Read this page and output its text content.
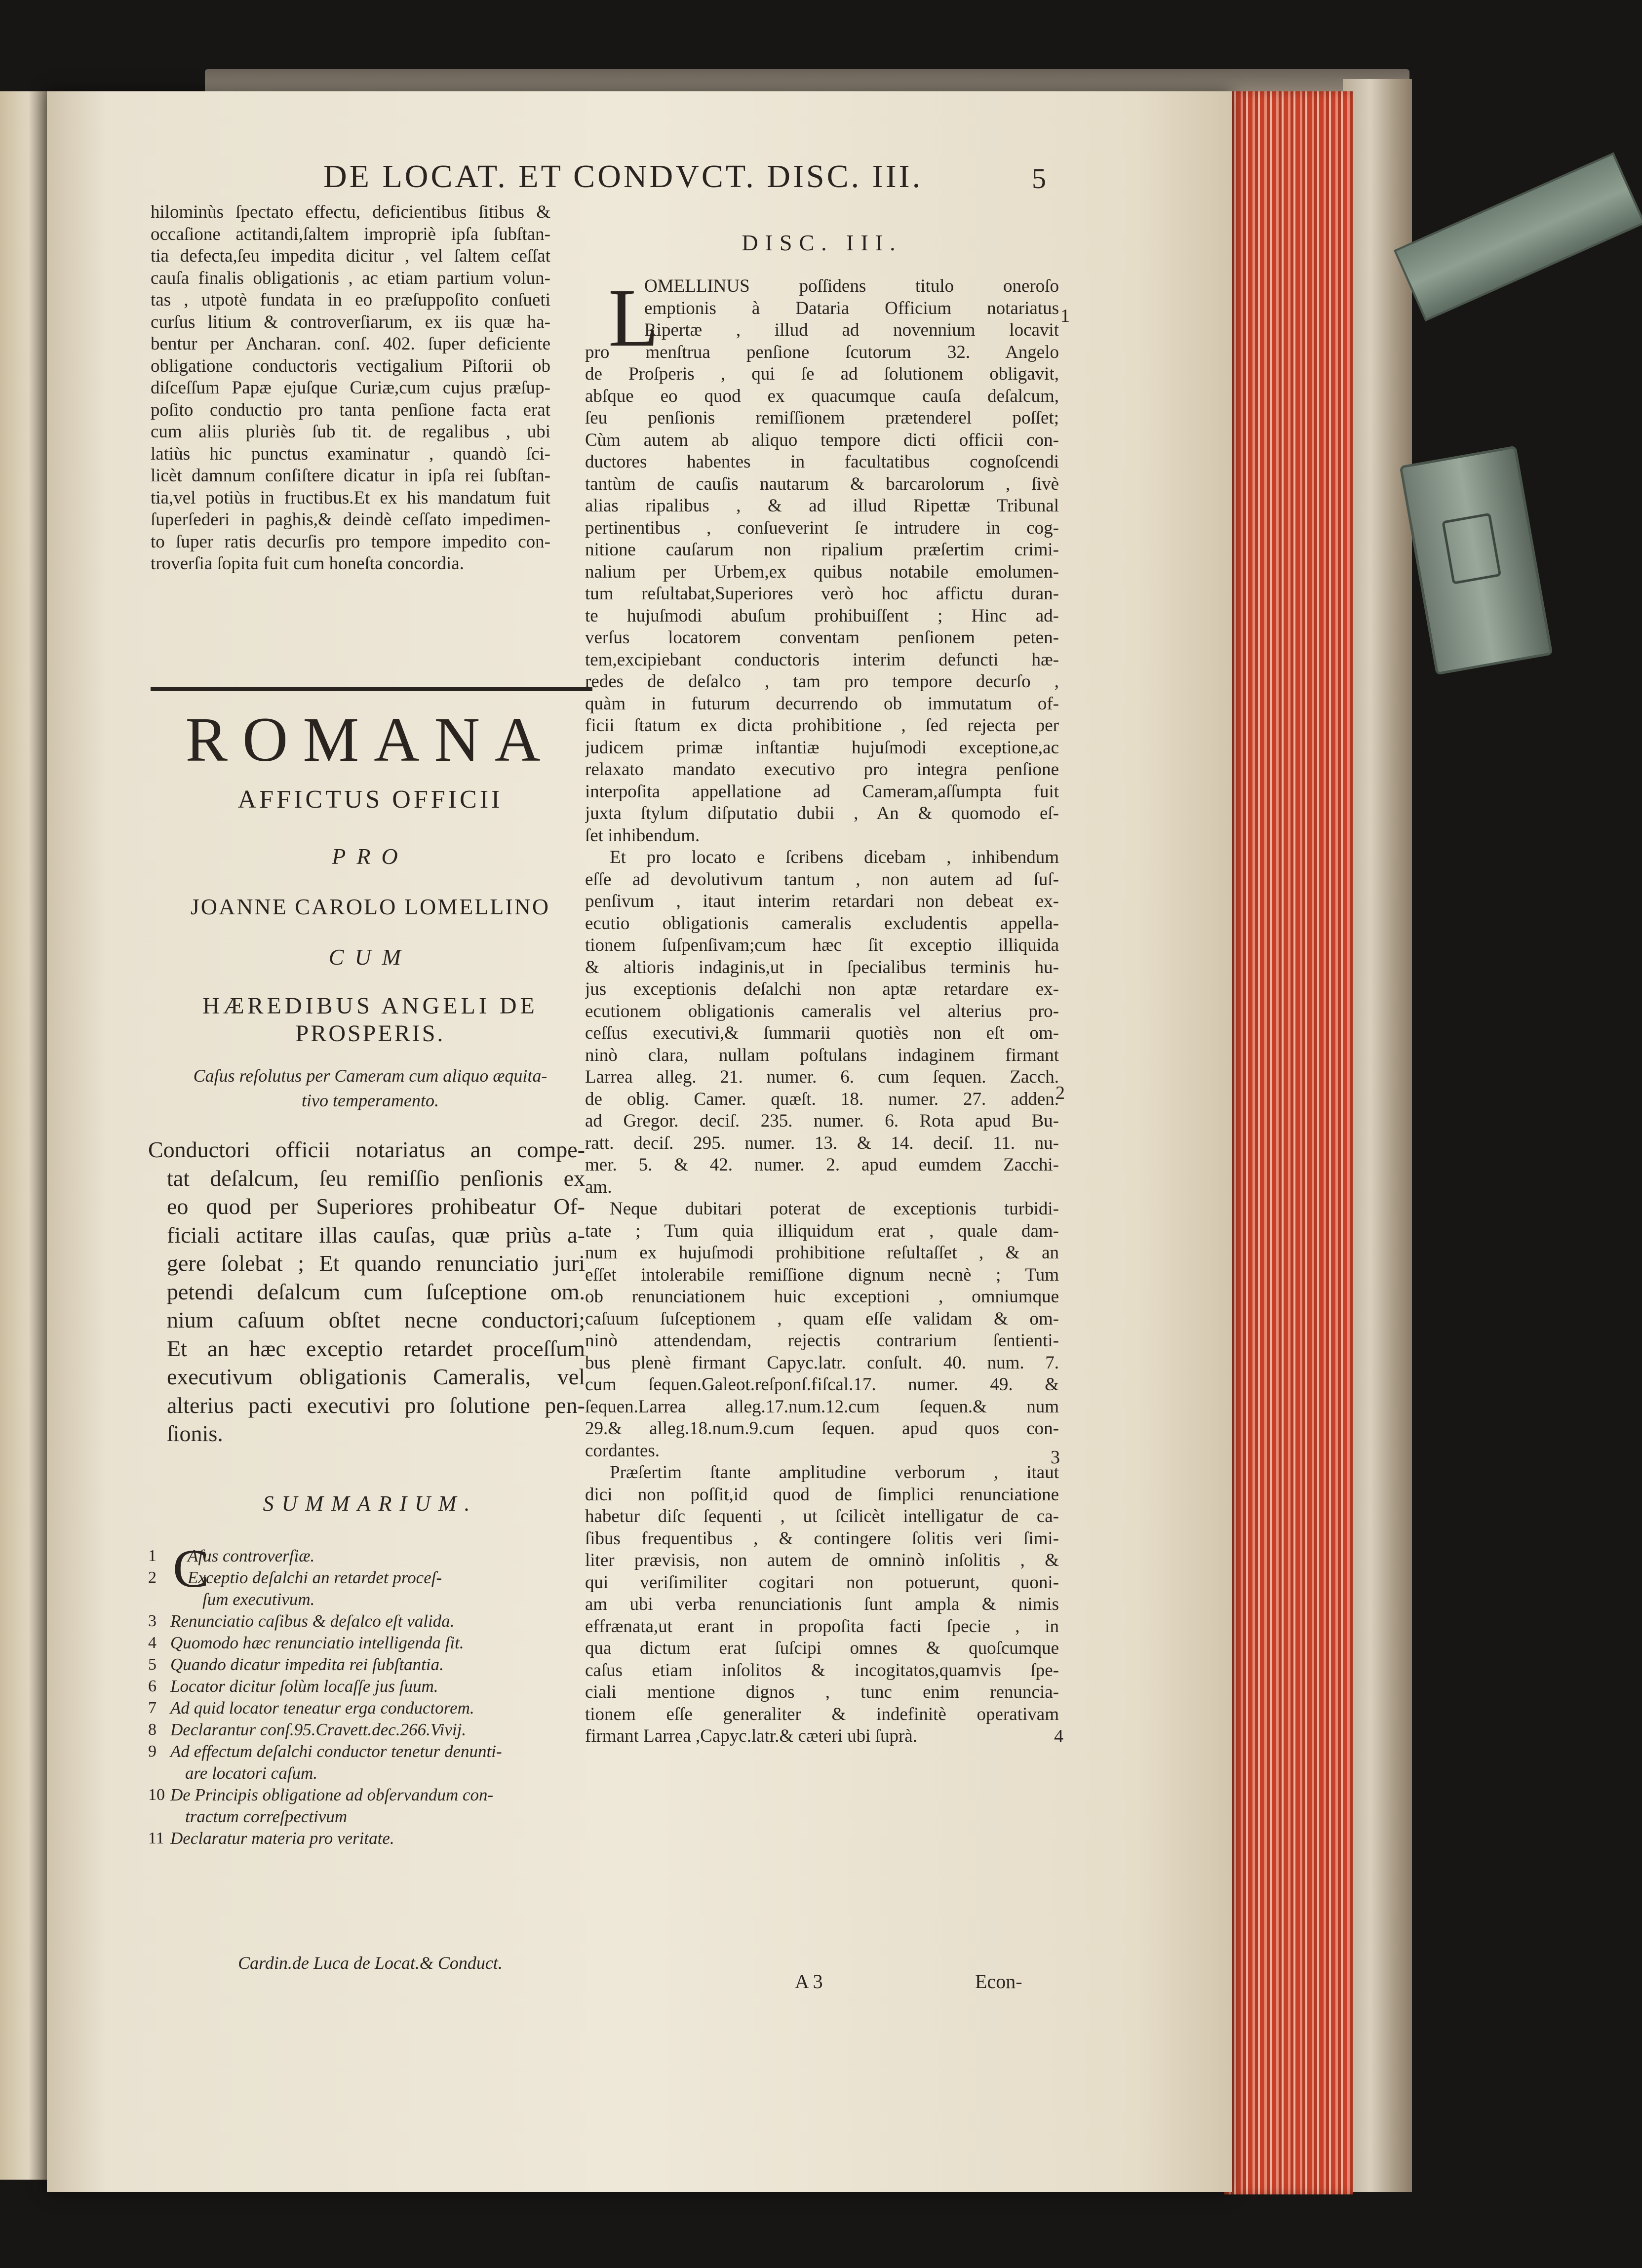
DE LOCAT. ET CONDVCT. DISC. III.	5
hilominùs ſpectato effectu, deficientibus ſitibus &
occaſione actitandi,ſaltem impropriè ipſa ſubſtan-
tia defecta,ſeu impedita dicitur , vel ſaltem ceſſat
cauſa finalis obligationis , ac etiam partium volun-
tas , utpotè fundata in eo præſuppoſito conſueti
curſus litium & controverſiarum, ex iis quæ ha-
bentur per Ancharan. conſ. 402. ſuper deficiente
obligatione conductoris vectigalium Piſtorii ob
diſceſſum Papæ ejuſque Curiæ,cum cujus præſup-
poſito conductio pro tanta penſione facta erat
cum aliis pluriès ſub tit. de regalibus , ubi
latiùs hic punctus examinatur , quandò ſci-
licèt damnum conſiſtere dicatur in ipſa rei ſubſtan-
tia,vel potiùs in fructibus.Et ex his mandatum fuit
ſuperſederi in paghis,& deindè ceſſato impedimen-
to ſuper ratis decurſis pro tempore impedito con-
troverſia ſopita fuit cum honeſta concordia.
ROMANA
AFFICTUS OFFICII
PRO
JOANNE CAROLO LOMELLINO
CUM
HÆREDIBUS ANGELI DE
PROSPERIS.
Caſus reſolutus per Cameram cum aliquo æquita-
tivo temperamento.
Conductori officii notariatus an compe-
tat deſalcum, ſeu remiſſio penſionis ex
eo quod per Superiores prohibeatur Of-
ficiali actitare illas cauſas, quæ priùs a-
gere ſolebat ; Et quando renunciatio juri
petendi deſalcum cum ſuſceptione om.
nium caſuum obſtet necne conductori;
Et an hæc exceptio retardet proceſſum
executivum obligationis Cameralis, vel
alterius pacti executivi pro ſolutione pen-
ſionis.
SUMMARIUM.
C
1 Aſus controverſiæ.
2 Exceptio deſalchi an retardet proceſ-
ſum executivum.
3 Renunciatio caſibus & deſalco eſt valida.
4 Quomodo hæc renunciatio intelligenda ſit.
5 Quando dicatur impedita rei ſubſtantia.
6 Locator dicitur ſolùm locaſſe jus ſuum.
7 Ad quid locator teneatur erga conductorem.
8 Declarantur conſ.95.Cravett.dec.266.Vivij.
9 Ad effectum deſalchi conductor tenetur denunti-
are locatori caſum.
10 De Principis obligatione ad obſervandum con-
tractum correſpectivum
11 Declaratur materia pro veritate.
Cardin.de Luca de Locat.& Conduct.
DISC. III.
L
OMELLINUS poſſidens titulo oneroſo
emptionis à Dataria Officium notariatus
Ripertæ , illud ad novennium locavit
pro menſtrua penſione ſcutorum 32. Angelo
de Proſperis , qui ſe ad ſolutionem obligavit,
abſque eo quod ex quacumque cauſa deſalcum,
ſeu penſionis remiſſionem prætenderel poſſet;
Cùm autem ab aliquo tempore dicti officii con-
ductores habentes in facultatibus cognoſcendi
tantùm de cauſis nautarum & barcarolorum , ſivè
alias ripalibus , & ad illud Ripettæ Tribunal
pertinentibus , conſueverint ſe intrudere in cog-
nitione cauſarum non ripalium præſertim crimi-
nalium per Urbem,ex quibus notabile emolumen-
tum reſultabat,Superiores verò hoc affictu duran-
te hujuſmodi abuſum prohibuiſſent ; Hinc ad-
verſus locatorem conventam penſionem peten-
tem,excipiebant conductoris interim defuncti hæ-
redes de deſalco , tam pro tempore decurſo ,
quàm in futurum decurrendo ob immutatum of-
ficii ſtatum ex dicta prohibitione , ſed rejecta per
judicem primæ inſtantiæ hujuſmodi exceptione,ac
relaxato mandato executivo pro integra penſione
interpoſita appellatione ad Cameram,aſſumpta fuit
juxta ſtylum diſputatio dubii , An & quomodo eſ-
ſet inhibendum.
Et pro locato e ſcribens dicebam , inhibendum
eſſe ad devolutivum tantum , non autem ad ſuſ-
penſivum , itaut interim retardari non debeat ex-
ecutio obligationis cameralis excludentis appella-
tionem ſuſpenſivam;cum hæc ſit exceptio illiquida
& altioris indaginis,ut in ſpecialibus terminis hu-
jus exceptionis deſalchi non aptæ retardare ex-
ecutionem obligationis cameralis vel alterius pro-
ceſſus executivi,& ſummarii quotiès non eſt om-
ninò clara, nullam poſtulans indaginem firmant
Larrea alleg. 21. numer. 6. cum ſequen. Zacch.
de oblig. Camer. quæſt. 18. numer. 27. adden.
ad Gregor. deciſ. 235. numer. 6. Rota apud Bu-
ratt. deciſ. 295. numer. 13. & 14. deciſ. 11. nu-
mer. 5. & 42. numer. 2. apud eumdem Zacchi-
am.
Neque dubitari poterat de exceptionis turbidi-
tate ; Tum quia illiquidum erat , quale dam-
num ex hujuſmodi prohibitione reſultaſſet , & an
eſſet intolerabile remiſſione dignum necnè ; Tum
ob renunciationem huic exceptioni , omniumque
caſuum ſuſceptionem , quam eſſe validam & om-
ninò attendendam, rejectis contrarium ſentienti-
bus plenè firmant Capyc.latr. conſult. 40. num. 7.
cum ſequen.Galeot.reſponſ.fiſcal.17. numer. 49. &
ſequen.Larrea alleg.17.num.12.cum ſequen.& num
29.& alleg.18.num.9.cum ſequen. apud quos con-
cordantes.
Præſertim ſtante amplitudine verborum , itaut
dici non poſſit,id quod de ſimplici renunciatione
habetur diſc ſequenti , ut ſcilicèt intelligatur de ca-
ſibus frequentibus , & contingere ſolitis veri ſimi-
liter prævisis, non autem de omninò inſolitis , &
qui veriſimiliter cogitari non potuerunt, quoni-
am ubi verba renunciationis ſunt ampla & nimis
effrænata,ut erant in propoſita facti ſpecie , in
qua dictum erat ſuſcipi omnes & quoſcumque
caſus etiam inſolitos & incogitatos,quamvis ſpe-
ciali mentione dignos , tunc enim renuncia-
tionem eſſe generaliter & indefinitè operativam
firmant Larrea ,Capyc.latr.& cæteri ubi ſuprà.
1
2
3
4
A 3	Econ-
